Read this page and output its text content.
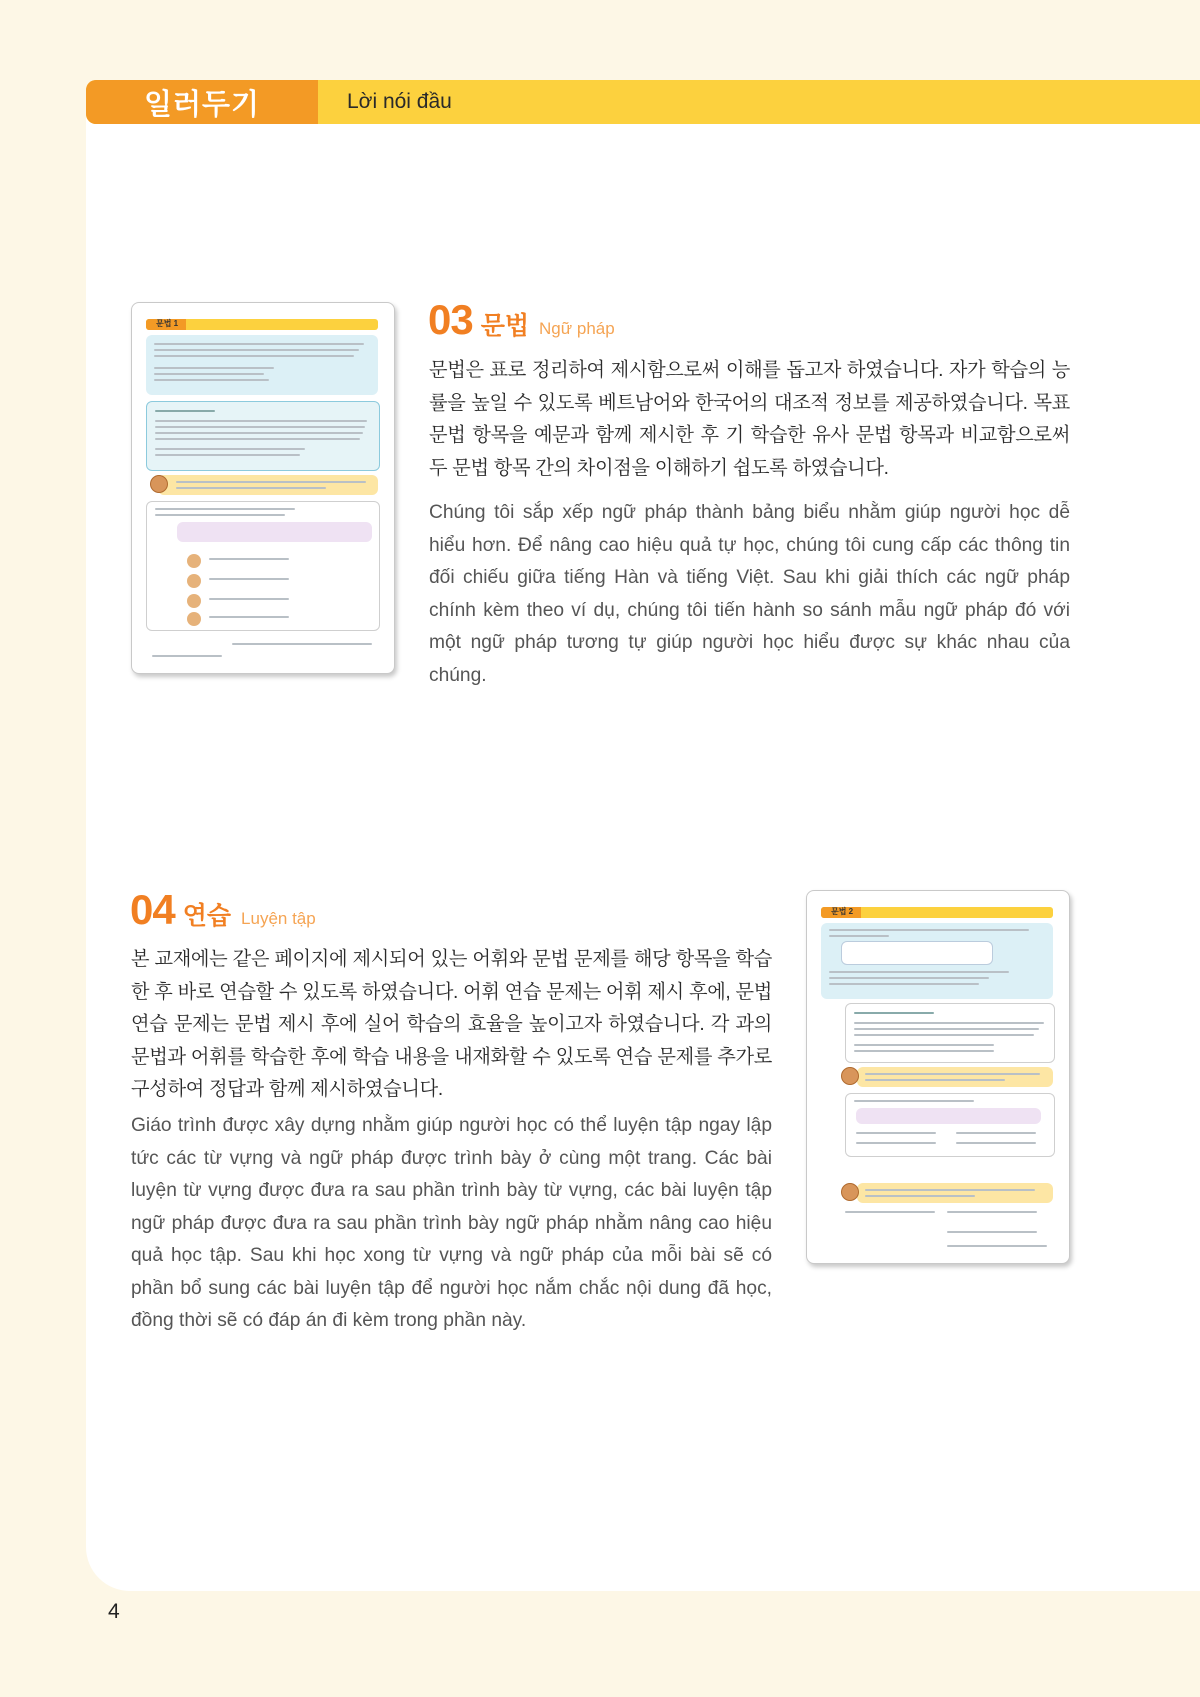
일러두기	Lời nói đầu
문법 1	03 문법 Ngữ pháp

문법은 표로 정리하여 제시함으로써 이해를 돕고자 하였습니다. 자가 학습의 능률을 높일 수 있도록 베트남어와 한국어의 대조적 정보를 제공하였습니다. 목표 문법 항목을 예문과 함께 제시한 후 기 학습한 유사 문법 항목과 비교함으로써 두 문법 항목 간의 차이점을 이해하기 쉽도록 하였습니다.

Chúng tôi sắp xếp ngữ pháp thành bảng biểu nhằm giúp người học dễ hiểu hơn. Để nâng cao hiệu quả tự học, chúng tôi cung cấp các thông tin đối chiếu giữa tiếng Hàn và tiếng Việt. Sau khi giải thích các ngữ pháp chính kèm theo ví dụ, chúng tôi tiến hành so sánh mẫu ngữ pháp đó với một ngữ pháp tương tự giúp người học hiểu được sự khác nhau của chúng.

04 연습 Luyện tập

본 교재에는 같은 페이지에 제시되어 있는 어휘와 문법 문제를 해당 항목을 학습한 후 바로 연습할 수 있도록 하였습니다. 어휘 연습 문제는 어휘 제시 후에, 문법 연습 문제는 문법 제시 후에 실어 학습의 효율을 높이고자 하였습니다. 각 과의 문법과 어휘를 학습한 후에 학습 내용을 내재화할 수 있도록 연습 문제를 추가로 구성하여 정답과 함께 제시하였습니다.

Giáo trình được xây dựng nhằm giúp người học có thể luyện tập ngay lập tức các từ vựng và ngữ pháp được trình bày ở cùng một trang. Các bài luyện từ vựng được đưa ra sau phần trình bày từ vựng, các bài luyện tập ngữ pháp được đưa ra sau phần trình bày ngữ pháp nhằm nâng cao hiệu quả học tập. Sau khi học xong từ vựng và ngữ pháp của mỗi bài sẽ có phần bổ sung các bài luyện tập để người học nắm chắc nội dung đã học, đồng thời sẽ có đáp án đi kèm trong phần này.

문법 2
4
